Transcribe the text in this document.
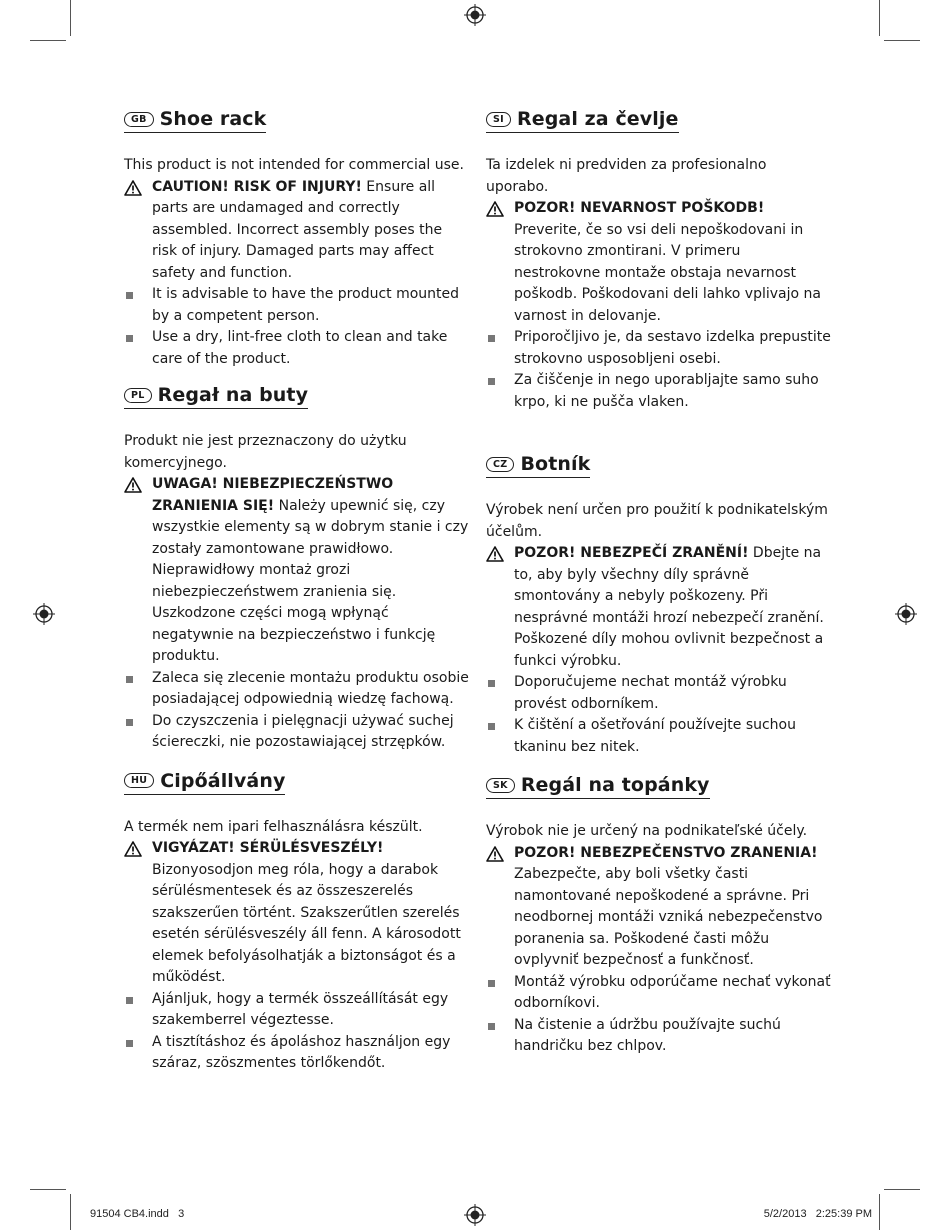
GB Shoe rack

This product is not intended for commercial use.

CAUTION! RISK OF INJURY! Ensure all parts are undamaged and correctly assembled. Incorrect assembly poses the risk of injury. Damaged parts may affect safety and function.
It is advisable to have the product mounted by a competent person.
Use a dry, lint-free cloth to clean and take care of the product.
PL Regał na buty

Produkt nie jest przeznaczony do użytku komercyjnego.

UWAGA! NIEBEZPIECZEŃSTWO ZRANIENIA SIĘ! Należy upewnić się, czy wszystkie elementy są w dobrym stanie i czy zostały zamontowane prawidłowo. Nieprawidłowy montaż grozi niebezpieczeństwem zranienia się. Uszkodzone części mogą wpłynąć negatywnie na bezpieczeństwo i funkcję produktu.
Zaleca się zlecenie montażu produktu osobie posiadającej odpowiednią wiedzę fachową.
Do czyszczenia i pielęgnacji używać suchej ściereczki, nie pozostawiającej strzępków.
HU Cipőállvány

A termék nem ipari felhasználásra készült.

VIGYÁZAT! SÉRÜLÉSVESZÉLY! Bizonyosodjon meg róla, hogy a darabok sérülésmentesek és az összeszerelés szakszerűen történt. Szakszerűtlen szerelés esetén sérülésveszély áll fenn. A károsodott elemek befolyásolhatják a biztonságot és a működést.
Ajánljuk, hogy a termék összeállítását egy szakemberrel végeztesse.
A tisztításhoz és ápoláshoz használjon egy száraz, szöszmentes törlőkendőt.
SI Regal za čevlje

Ta izdelek ni predviden za profesionalno uporabo.

POZOR! NEVARNOST POŠKODB! Preverite, če so vsi deli nepoškodovani in strokovno zmontirani. V primeru nestrokovne montaže obstaja nevarnost poškodb. Poškodovani deli lahko vplivajo na varnost in delovanje.
Priporočljivo je, da sestavo izdelka prepustite strokovno usposobljeni osebi.
Za čiščenje in nego uporabljajte samo suho krpo, ki ne pušča vlaken.
CZ Botník

Výrobek není určen pro použití k podnikatelským účelům.

POZOR! NEBEZPEČÍ ZRANĚNÍ! Dbejte na to, aby byly všechny díly správně smontovány a nebyly poškozeny. Při nesprávné montáži hrozí nebezpečí zranění. Poškozené díly mohou ovlivnit bezpečnost a funkci výrobku.
Doporučujeme nechat montáž výrobku provést odborníkem.
K čištění a ošetřování používejte suchou tkaninu bez nitek.
SK Regál na topánky

Výrobok nie je určený na podnikateľské účely.

POZOR! NEBEZPEČENSTVO ZRANENIA! Zabezpečte, aby boli všetky časti namontované nepoškodené a správne. Pri neodbornej montáži vzniká nebezpečenstvo poranenia sa. Poškodené časti môžu ovplyvniť bezpečnosť a funkčnosť.
Montáž výrobku odporúčame nechať vykonať odborníkovi.
Na čistenie a údržbu používajte suchú handričku bez chlpov.
91504 CB4.indd   3	5/2/2013   2:25:39 PM
